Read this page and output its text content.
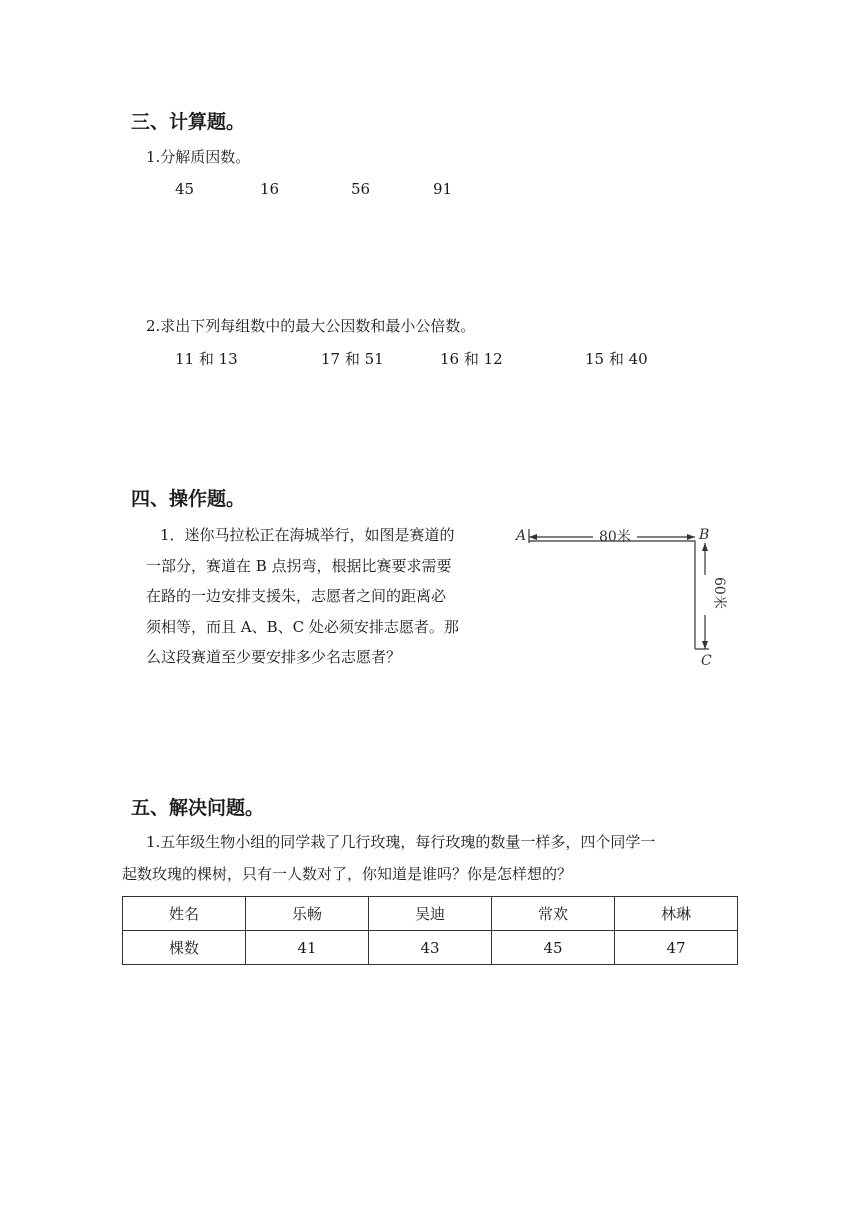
三、计算题。
1.分解质因数。
45	16	56	91
2.求出下列每组数中的最大公因数和最小公倍数。
11 和 13	17 和 51	16 和 12	15 和 40
四、操作题。
1．迷你马拉松正在海城举行，如图是赛道的
一部分，赛道在 B 点拐弯，根据比赛要求需要
在路的一边安排支援朱，志愿者之间的距离必
须相等，而且 A、B、C 处必须安排志愿者。那
么这段赛道至少要安排多少名志愿者？
A	B
C
80米
60米
五、解决问题。
1.五年级生物小组的同学栽了几行玫瑰，每行玫瑰的数量一样多，四个同学一
起数玫瑰的棵树，只有一人数对了，你知道是谁吗？你是怎样想的？
姓名	乐畅	吴迪	常欢	林琳
棵数	41	43	45	47
